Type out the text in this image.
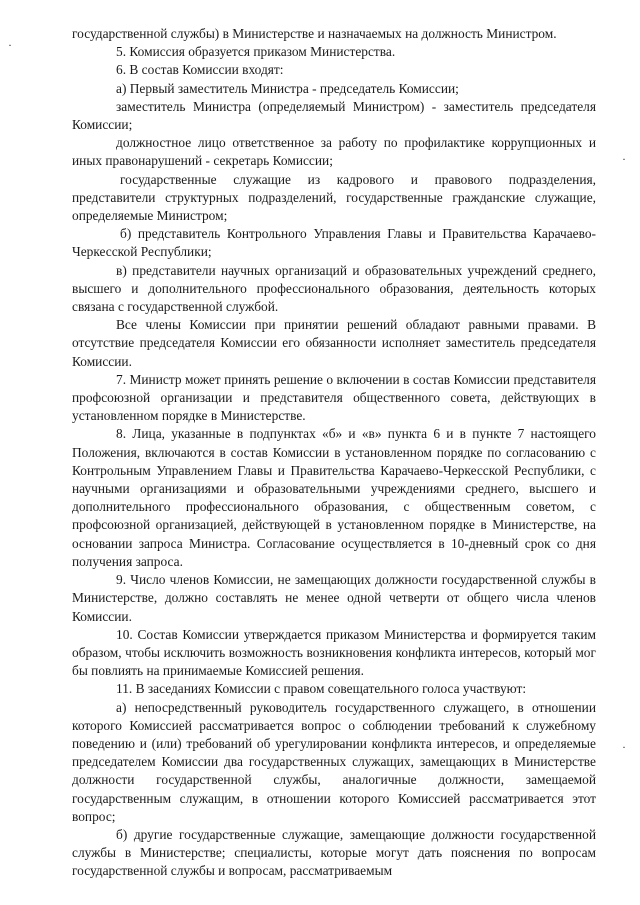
·
·
·

государственной службы) в Министерстве и назначаемых на должность Министром.

5. Комиссия образуется приказом Министерства.

6. В состав Комиссии входят:

а) Первый заместитель Министра - председатель Комиссии;

заместитель Министра (определяемый Министром) - заместитель председателя Комиссии;

должностное лицо ответственное за работу по профилактике коррупционных и иных правонарушений - секретарь Комиссии;

государственные служащие из кадрового и правового подразделения, представители структурных подразделений, государственные гражданские служащие, определяемые Министром;

б) представитель Контрольного Управления Главы и Правительства Карачаево-Черкесской Республики;

в) представители научных организаций и образовательных учреждений среднего, высшего и дополнительного профессионального образования, деятельность которых связана с государственной службой.

Все члены Комиссии при принятии решений обладают равными правами. В отсутствие председателя Комиссии его обязанности исполняет заместитель председателя Комиссии.

7. Министр может принять решение о включении в состав Комиссии представителя профсоюзной организации и представителя общественного совета, действующих в установленном порядке в Министерстве.

8. Лица, указанные в подпунктах «б» и «в» пункта 6 и в пункте 7 настоящего Положения, включаются в состав Комиссии в установленном порядке по согласованию с Контрольным Управлением Главы и Правительства Карачаево-Черкесской Республики, с научными организациями и образовательными учреждениями среднего, высшего и дополнительного профессионального образования, с общественным советом, с профсоюзной организацией, действующей в установленном порядке в Министерстве, на основании запроса Министра. Согласование осуществляется в 10-дневный срок со дня получения запроса.

9. Число членов Комиссии, не замещающих должности государственной службы в Министерстве, должно составлять не менее одной четверти от общего числа членов Комиссии.

10. Состав Комиссии утверждается приказом Министерства и формируется таким образом, чтобы исключить возможность возникновения конфликта интересов, который мог бы повлиять на принимаемые Комиссией решения.

11. В заседаниях Комиссии с правом совещательного голоса участвуют:

а) непосредственный руководитель государственного служащего, в отношении которого Комиссией рассматривается вопрос о соблюдении требований к служебному поведению и (или) требований об урегулировании конфликта интересов, и определяемые председателем Комиссии два государственных служащих, замещающих в Министерстве должности государственной службы, аналогичные должности, замещаемой государственным служащим, в отношении которого Комиссией рассматривается этот вопрос;

б) другие государственные служащие, замещающие должности государственной службы в Министерстве; специалисты, которые могут дать пояснения по вопросам государственной службы и вопросам, рассматриваемым
